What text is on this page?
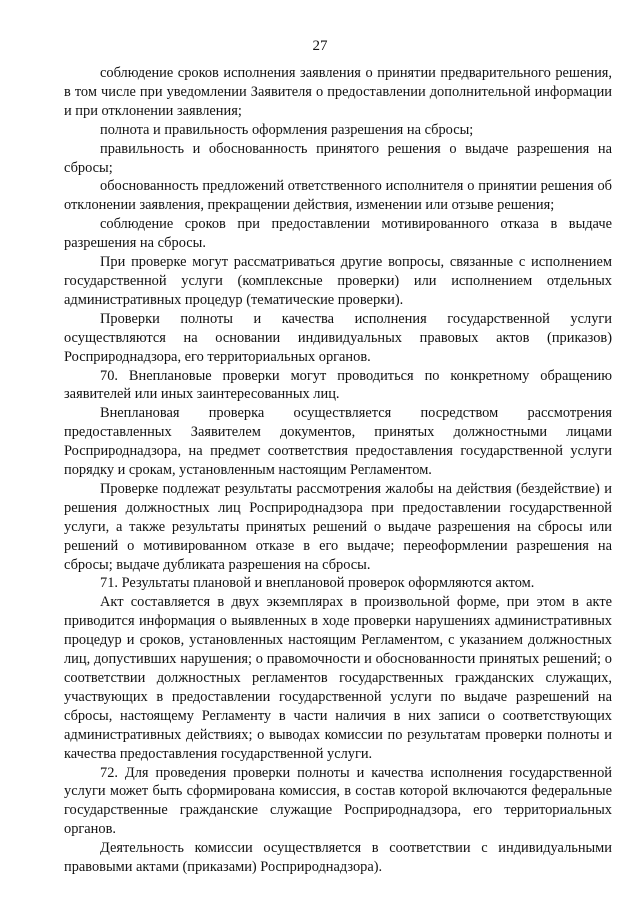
27

соблюдение сроков исполнения заявления о принятии предварительного решения, в том числе при уведомлении Заявителя о предоставлении дополнительной информации и при отклонении заявления;

полнота и правильность оформления разрешения на сбросы;

правильность и обоснованность принятого решения о выдаче разрешения на сбросы;

обоснованность предложений ответственного исполнителя о принятии решения об отклонении заявления, прекращении действия, изменении или отзыве решения;

соблюдение сроков при предоставлении мотивированного отказа в выдаче разрешения на сбросы.

При проверке могут рассматриваться другие вопросы, связанные с исполнением государственной услуги (комплексные проверки) или исполнением отдельных административных процедур (тематические проверки).

Проверки полноты и качества исполнения государственной услуги осуществляются на основании индивидуальных правовых актов (приказов) Росприроднадзора, его территориальных органов.

70. Внеплановые проверки могут проводиться по конкретному обращению заявителей или иных заинтересованных лиц.

Внеплановая проверка осуществляется посредством рассмотрения предоставленных Заявителем документов, принятых должностными лицами Росприроднадзора, на предмет соответствия предоставления государственной услуги порядку и срокам, установленным настоящим Регламентом.

Проверке подлежат результаты рассмотрения жалобы на действия (бездействие) и решения должностных лиц Росприроднадзора при предоставлении государственной услуги, а также результаты принятых решений о выдаче разрешения на сбросы или решений о мотивированном отказе в его выдаче; переоформлении разрешения на сбросы; выдаче дубликата разрешения на сбросы.

71. Результаты плановой и внеплановой проверок оформляются актом.

Акт составляется в двух экземплярах в произвольной форме, при этом в акте приводится информация о выявленных в ходе проверки нарушениях административных процедур и сроков, установленных настоящим Регламентом, с указанием должностных лиц, допустивших нарушения; о правомочности и обоснованности принятых решений; о соответствии должностных регламентов государственных гражданских служащих, участвующих в предоставлении государственной услуги по выдаче разрешений на сбросы, настоящему Регламенту в части наличия в них записи о соответствующих административных действиях; о выводах комиссии по результатам проверки полноты и качества предоставления государственной услуги.

72. Для проведения проверки полноты и качества исполнения государственной услуги может быть сформирована комиссия, в состав которой включаются федеральные государственные гражданские служащие Росприроднадзора, его территориальных органов.

Деятельность комиссии осуществляется в соответствии с индивидуальными правовыми актами (приказами) Росприроднадзора).
